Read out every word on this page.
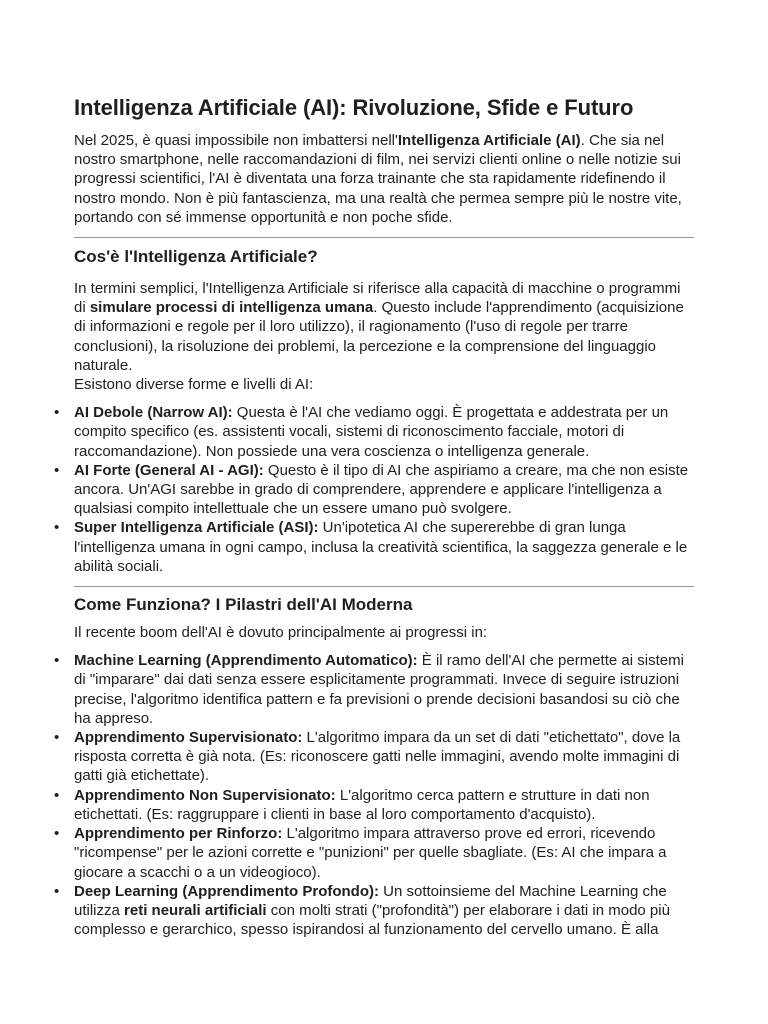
Intelligenza Artificiale (AI): Rivoluzione, Sfide e Futuro

Nel 2025, è quasi impossibile non imbattersi nell'Intelligenza Artificiale (AI). Che sia nel nostro smartphone, nelle raccomandazioni di film, nei servizi clienti online o nelle notizie sui progressi scientifici, l'AI è diventata una forza trainante che sta rapidamente ridefinendo il nostro mondo. Non è più fantascienza, ma una realtà che permea sempre più le nostre vite, portando con sé immense opportunità e non poche sfide.

Cos'è l'Intelligenza Artificiale?

In termini semplici, l'Intelligenza Artificiale si riferisce alla capacità di macchine o programmi di simulare processi di intelligenza umana. Questo include l'apprendimento (acquisizione di informazioni e regole per il loro utilizzo), il ragionamento (l'uso di regole per trarre conclusioni), la risoluzione dei problemi, la percezione e la comprensione del linguaggio naturale.

Esistono diverse forme e livelli di AI:

• AI Debole (Narrow AI): Questa è l'AI che vediamo oggi. È progettata e addestrata per un compito specifico (es. assistenti vocali, sistemi di riconoscimento facciale, motori di raccomandazione). Non possiede una vera coscienza o intelligenza generale.
• AI Forte (General AI - AGI): Questo è il tipo di AI che aspiriamo a creare, ma che non esiste ancora. Un'AGI sarebbe in grado di comprendere, apprendere e applicare l'intelligenza a qualsiasi compito intellettuale che un essere umano può svolgere.
• Super Intelligenza Artificiale (ASI): Un'ipotetica AI che supererebbe di gran lunga l'intelligenza umana in ogni campo, inclusa la creatività scientifica, la saggezza generale e le abilità sociali.
Come Funziona? I Pilastri dell'AI Moderna

Il recente boom dell'AI è dovuto principalmente ai progressi in:

• Machine Learning (Apprendimento Automatico): È il ramo dell'AI che permette ai sistemi di "imparare" dai dati senza essere esplicitamente programmati. Invece di seguire istruzioni precise, l'algoritmo identifica pattern e fa previsioni o prende decisioni basandosi su ciò che ha appreso.
• Apprendimento Supervisionato: L'algoritmo impara da un set di dati "etichettato", dove la risposta corretta è già nota. (Es: riconoscere gatti nelle immagini, avendo molte immagini di gatti già etichettate).
• Apprendimento Non Supervisionato: L'algoritmo cerca pattern e strutture in dati non etichettati. (Es: raggruppare i clienti in base al loro comportamento d'acquisto).
• Apprendimento per Rinforzo: L'algoritmo impara attraverso prove ed errori, ricevendo "ricompense" per le azioni corrette e "punizioni" per quelle sbagliate. (Es: AI che impara a giocare a scacchi o a un videogioco).
• Deep Learning (Apprendimento Profondo): Un sottoinsieme del Machine Learning che utilizza reti neurali artificiali con molti strati ("profondità") per elaborare i dati in modo più complesso e gerarchico, spesso ispirandosi al funzionamento del cervello umano. È alla
